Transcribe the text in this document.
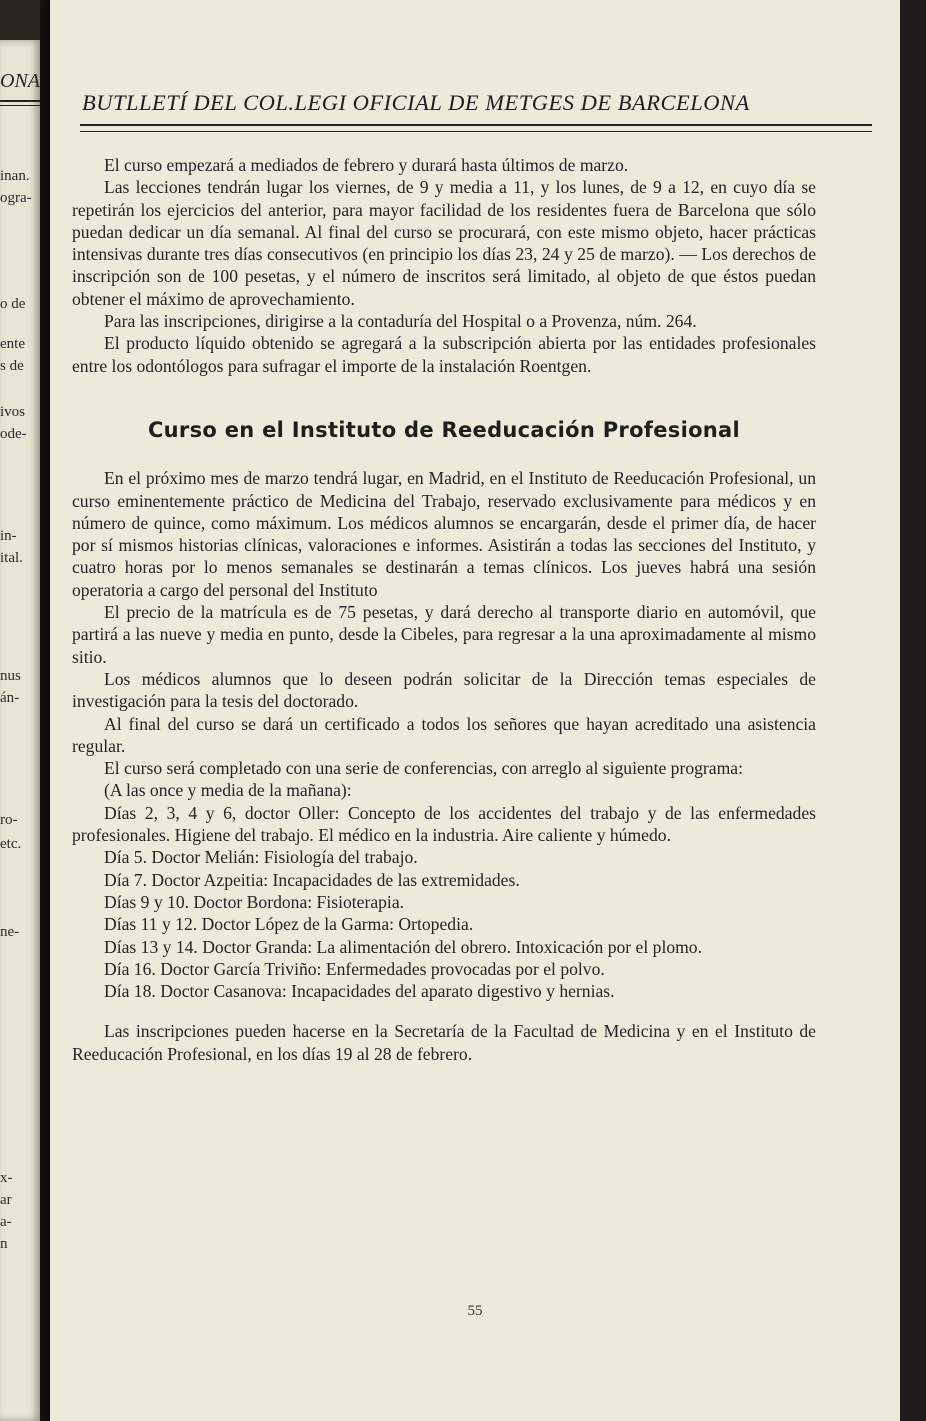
ONA
inan.
ogra-
o de
ente
s de
ivos
ode-
in-
ital.
nus
án-
ro-
etc.
ne-
x-
ar
a-
n
BUTLLETÍ DEL COL.LEGI OFICIAL DE METGES DE BARCELONA

El curso empezará a mediados de febrero y durará hasta últimos de marzo.

Las lecciones tendrán lugar los viernes, de 9 y media a 11, y los lunes, de 9 a 12, en cuyo día se repetirán los ejercicios del anterior, para mayor facilidad de los residentes fuera de Barcelona que sólo puedan dedicar un día semanal. Al final del curso se procurará, con este mismo objeto, hacer prácticas intensivas durante tres días consecutivos (en principio los días 23, 24 y 25 de marzo). — Los derechos de inscripción son de 100 pesetas, y el número de inscritos será limitado, al objeto de que éstos puedan obtener el máximo de aprovechamiento.

Para las inscripciones, dirigirse a la contaduría del Hospital o a Provenza, núm. 264.

El producto líquido obtenido se agregará a la subscripción abierta por las entidades profesionales entre los odontólogos para sufragar el importe de la instalación Roentgen.

Curso en el Instituto de Reeducación Profesional

En el próximo mes de marzo tendrá lugar, en Madrid, en el Instituto de Reeducación Profesional, un curso eminentemente práctico de Medicina del Trabajo, reservado exclusivamente para médicos y en número de quince, como máximum. Los médicos alumnos se encargarán, desde el primer día, de hacer por sí mismos historias clínicas, valoraciones e informes. Asistirán a todas las secciones del Instituto, y cuatro horas por lo menos semanales se destinarán a temas clínicos. Los jueves habrá una sesión operatoria a cargo del personal del Instituto

El precio de la matrícula es de 75 pesetas, y dará derecho al transporte diario en automóvil, que partirá a las nueve y media en punto, desde la Cibeles, para regresar a la una aproximadamente al mismo sitio.

Los médicos alumnos que lo deseen podrán solicitar de la Dirección temas especiales de investigación para la tesis del doctorado.

Al final del curso se dará un certificado a todos los señores que hayan acreditado una asistencia regular.

El curso será completado con una serie de conferencias, con arreglo al siguiente programa:

(A las once y media de la mañana):

Días 2, 3, 4 y 6, doctor Oller: Concepto de los accidentes del trabajo y de las enfermedades profesionales. Higiene del trabajo. El médico en la industria. Aire caliente y húmedo.

Día 5. Doctor Melián: Fisiología del trabajo.

Día 7. Doctor Azpeitia: Incapacidades de las extremidades.

Días 9 y 10. Doctor Bordona: Fisioterapia.

Días 11 y 12. Doctor López de la Garma: Ortopedia.

Días 13 y 14. Doctor Granda: La alimentación del obrero. Intoxicación por el plomo.

Día 16. Doctor García Triviño: Enfermedades provocadas por el polvo.

Día 18. Doctor Casanova: Incapacidades del aparato digestivo y hernias.

Las inscripciones pueden hacerse en la Secretaría de la Facultad de Medicina y en el Instituto de Reeducación Profesional, en los días 19 al 28 de febrero.

55
